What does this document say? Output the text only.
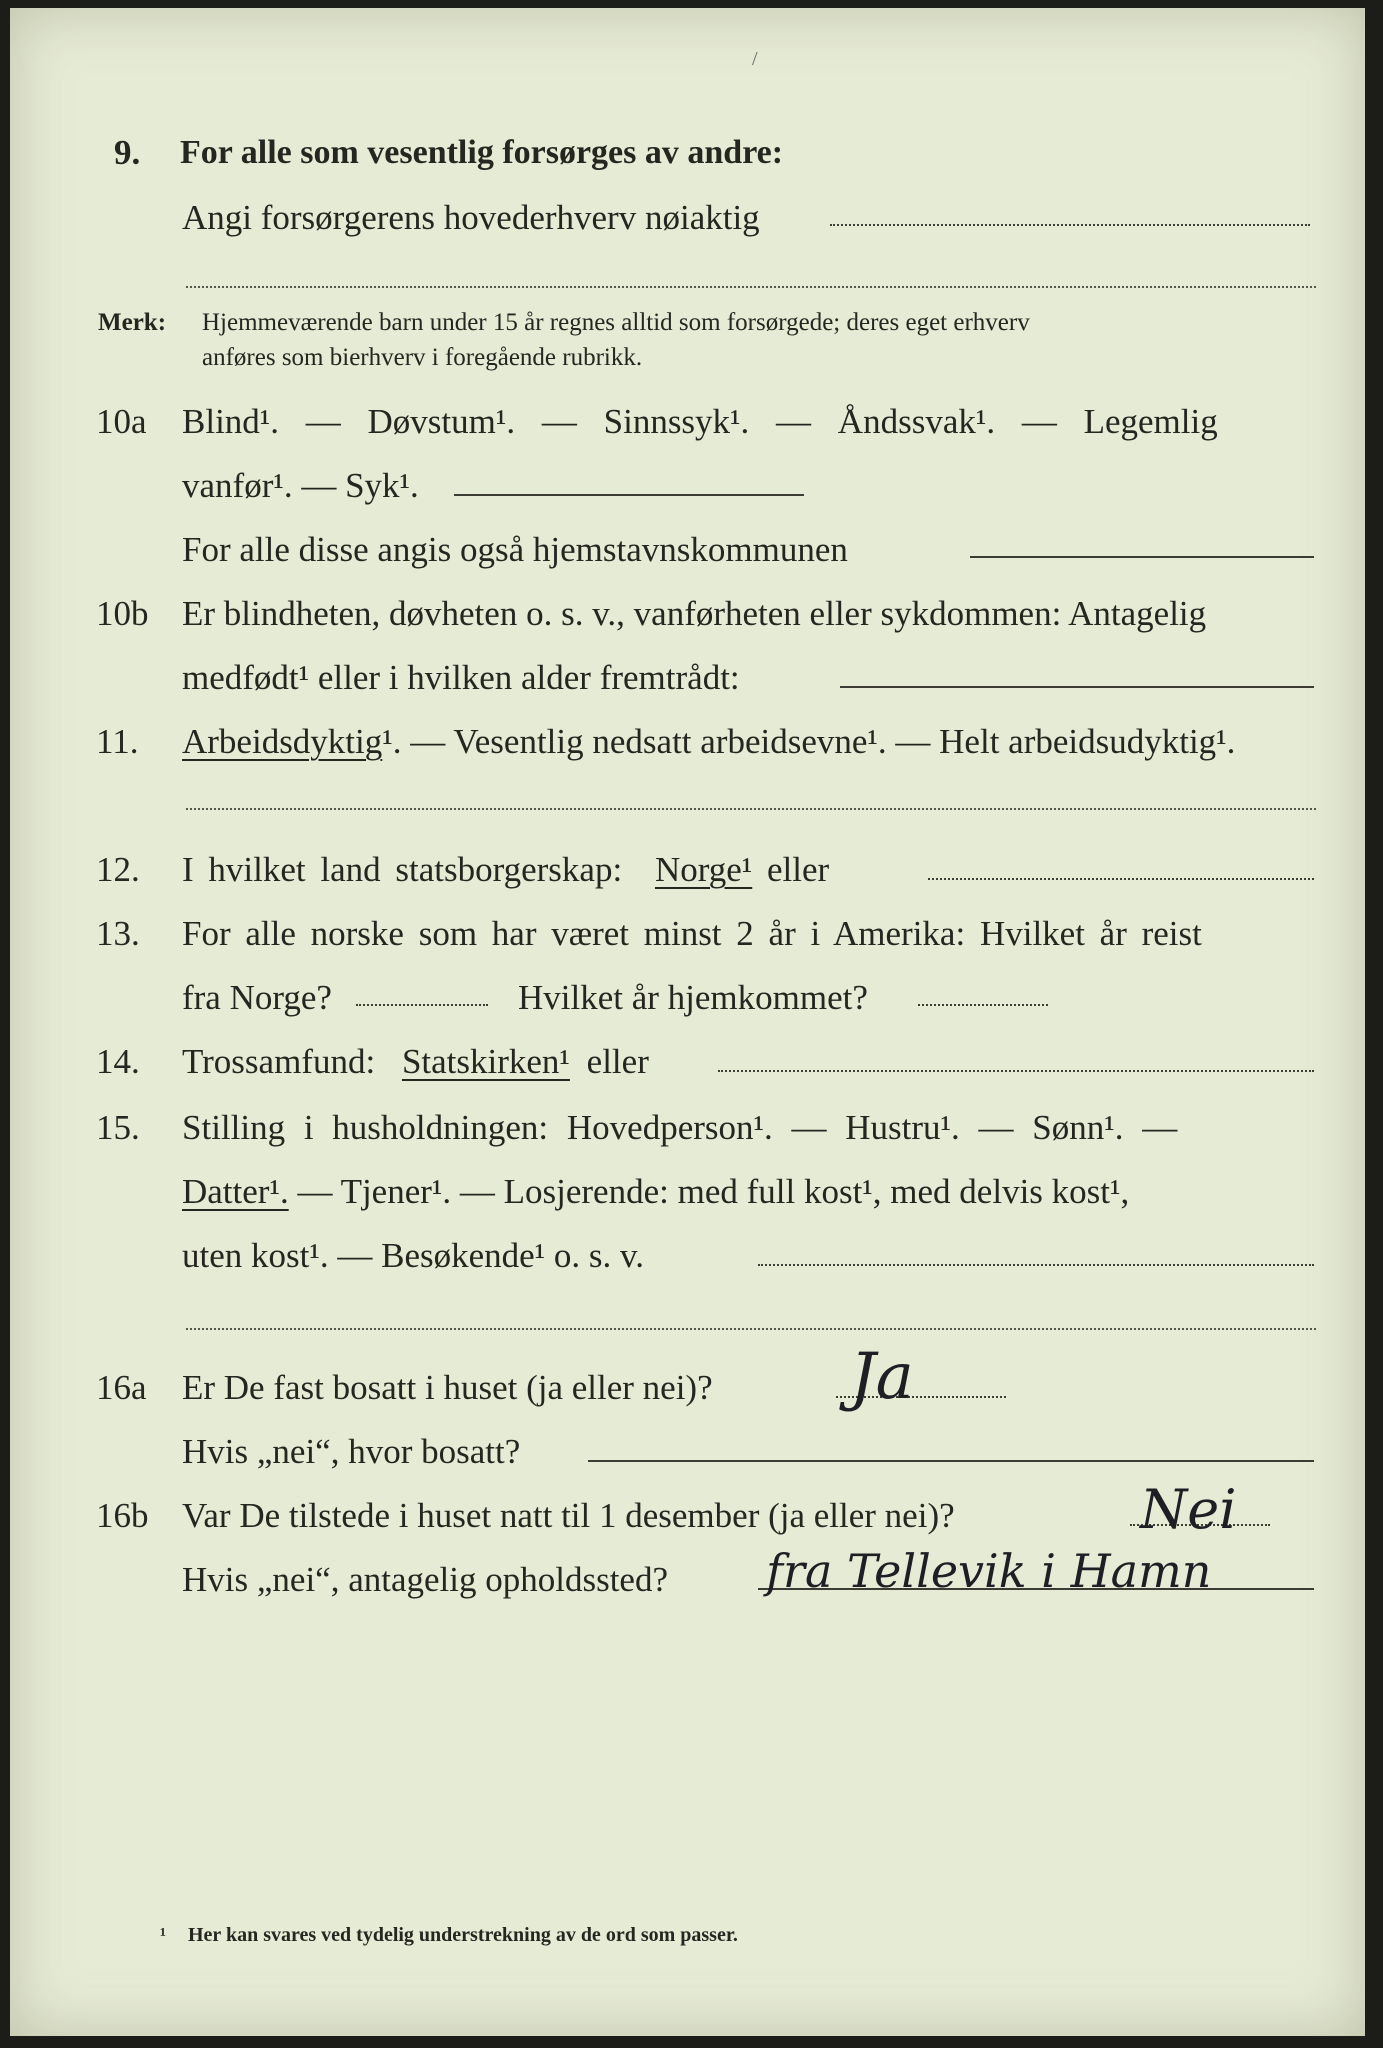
/
9. For alle som vesentlig forsørges av andre:
Angi forsørgerens hovederhverv nøiaktig
Merk: Hjemmeværende barn under 15 år regnes alltid som forsørgede; deres eget erhverv
anføres som bierhverv i foregående rubrikk.
10a Blind¹. — Døvstum¹. — Sinnssyk¹. — Åndssvak¹. — Legemlig
vanfør¹. — Syk¹.
For alle disse angis også hjemstavnskommunen
10b Er blindheten, døvheten o. s. v., vanførheten eller sykdommen: Antagelig
medfødt¹ eller i hvilken alder fremtrådt:
11. Arbeidsdyktig¹. — Vesentlig nedsatt arbeidsevne¹. — Helt arbeidsudyktig¹.
12. I hvilket land statsborgerskap: Norge¹ eller
13. For alle norske som har været minst 2 år i Amerika: Hvilket år reist
fra Norge?	Hvilket år hjemkommet?
14. Trossamfund: Statskirken¹ eller
15. Stilling i husholdningen: Hovedperson¹. — Hustru¹. — Sønn¹. —
Datter¹. — Tjener¹. — Losjerende: med full kost¹, med delvis kost¹,
uten kost¹. — Besøkende¹ o. s. v.
16a Er De fast bosatt i huset (ja eller nei)? Ja
Hvis „nei“, hvor bosatt?
16b Var De tilstede i huset natt til 1 desember (ja eller nei)?	Nei
Hvis „nei“, antagelig opholdssted? fra Tellevik i Hamn
¹ Her kan svares ved tydelig understrekning av de ord som passer.
